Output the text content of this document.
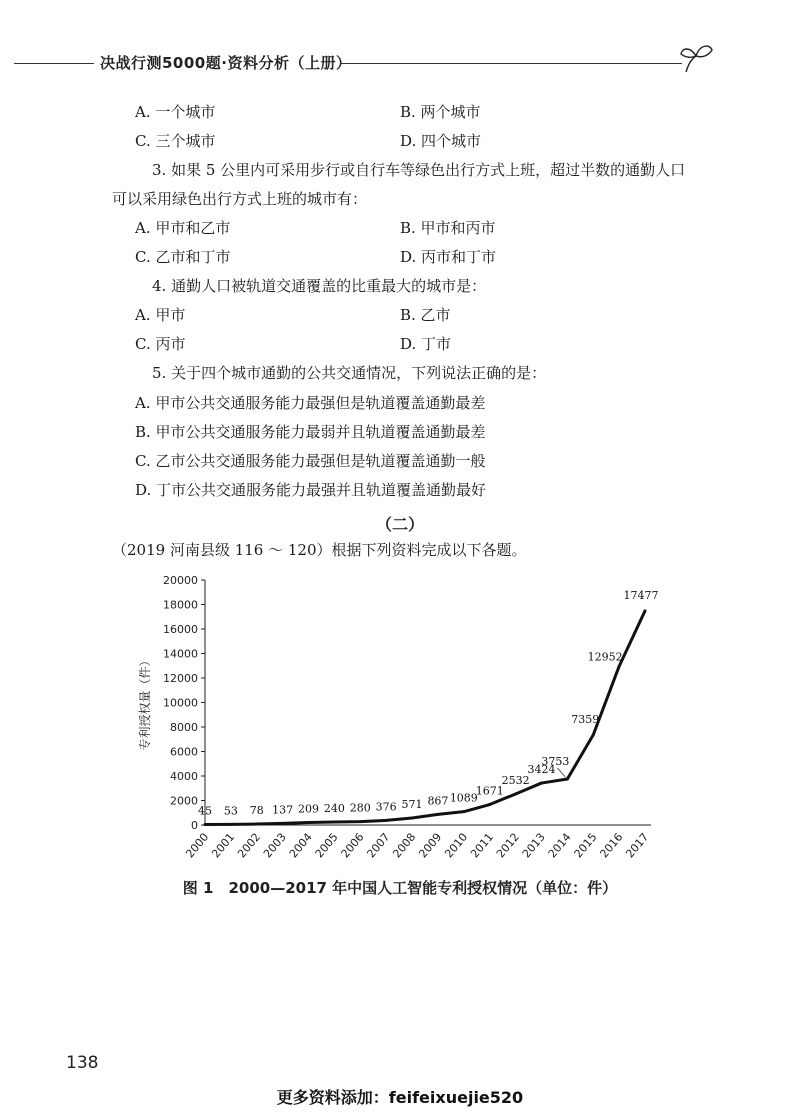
决战行测5000题·资料分析（上册）
A. 一个城市	B. 两个城市
C. 三个城市	D. 四个城市
3. 如果 5 公里内可采用步行或自行车等绿色出行方式上班，超过半数的通勤人口
可以采用绿色出行方式上班的城市有：
A. 甲市和乙市	B. 甲市和丙市
C. 乙市和丁市	D. 丙市和丁市
4. 通勤人口被轨道交通覆盖的比重最大的城市是：
A. 甲市	B. 乙市
C. 丙市	D. 丁市
5. 关于四个城市通勤的公共交通情况，下列说法正确的是：
A. 甲市公共交通服务能力最强但是轨道覆盖通勤最差
B. 甲市公共交通服务能力最弱并且轨道覆盖通勤最差
C. 乙市公共交通服务能力最强但是轨道覆盖通勤一般
D. 丁市公共交通服务能力最强并且轨道覆盖通勤最好
（二）
（2019 河南县级 116 ～ 120）根据下列资料完成以下各题。
0
2000
4000
6000
8000
10000
12000
14000
16000
18000
20000
专利授权量（件）
2000
2001
2002
2003
2004
2005
2006
2007
2008
2009
2010
2011
2012
2013
2014
2015
2016
2017
45 53 78 137 209 240 280 376 571 867 1089
1671
2532
3424
3753
7359
12952
17477
图 1　2000—2017 年中国人工智能专利授权情况（单位：件）
138
更多资料添加：feifeixuejie520
